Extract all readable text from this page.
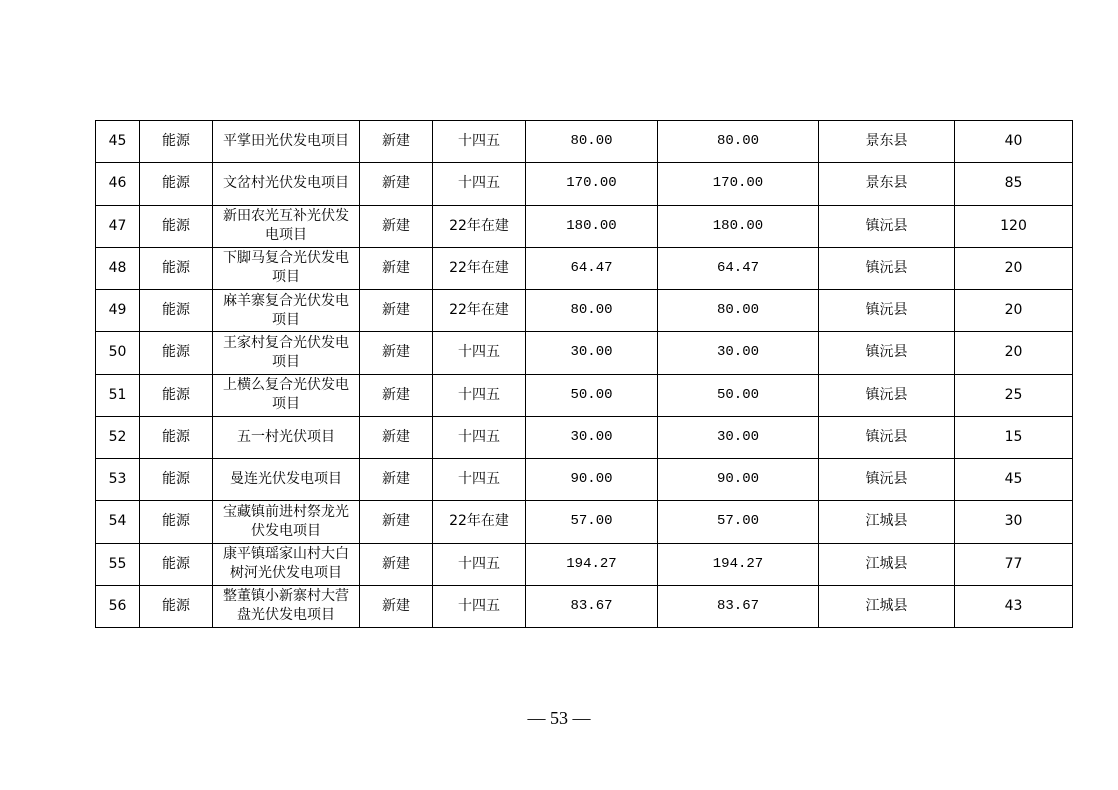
45	能源	平掌田光伏发电项目	新建	十四五	80.00	80.00	景东县	40
46	能源	文岔村光伏发电项目	新建	十四五	170.00	170.00	景东县	85
47	能源	新田农光互补光伏发电项目	新建	22年在建	180.00	180.00	镇沅县	120
48	能源	下脚马复合光伏发电项目	新建	22年在建	64.47	64.47	镇沅县	20
49	能源	麻羊寨复合光伏发电项目	新建	22年在建	80.00	80.00	镇沅县	20
50	能源	王家村复合光伏发电项目	新建	十四五	30.00	30.00	镇沅县	20
51	能源	上横么复合光伏发电项目	新建	十四五	50.00	50.00	镇沅县	25
52	能源	五一村光伏项目	新建	十四五	30.00	30.00	镇沅县	15
53	能源	曼连光伏发电项目	新建	十四五	90.00	90.00	镇沅县	45
54	能源	宝藏镇前进村祭龙光伏发电项目	新建	22年在建	57.00	57.00	江城县	30
55	能源	康平镇瑶家山村大白树河光伏发电项目	新建	十四五	194.27	194.27	江城县	77
56	能源	整董镇小新寨村大营盘光伏发电项目	新建	十四五	83.67	83.67	江城县	43
— 53 —
